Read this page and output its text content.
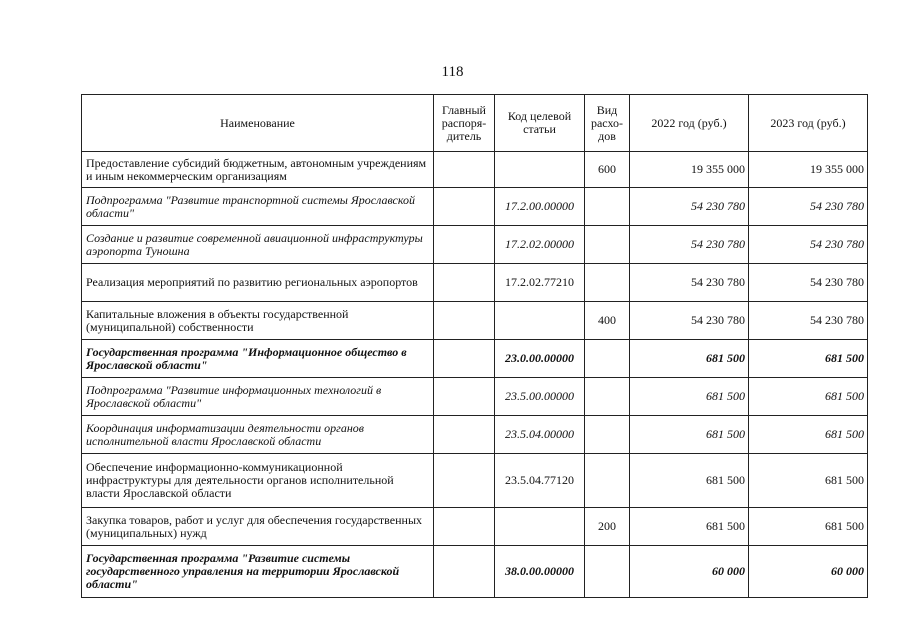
118
Наименование	Главный распоря-дитель	Код целевой статьи	Вид расхо-дов	2022 год (руб.)	2023 год (руб.)
Предоставление субсидий бюджетным, автономным учреждениям и иным некоммерческим организациям			600	19 355 000	19 355 000
Подпрограмма "Развитие транспортной системы Ярославской области"		17.2.00.00000		54 230 780	54 230 780
Создание и развитие современной авиационной инфраструктуры аэропорта Туношна		17.2.02.00000		54 230 780	54 230 780
Реализация мероприятий по развитию региональных аэропортов		17.2.02.77210		54 230 780	54 230 780
Капитальные вложения в объекты государственной (муниципальной) собственности			400	54 230 780	54 230 780
Государственная программа "Информационное общество в Ярославской области"		23.0.00.00000		681 500	681 500
Подпрограмма "Развитие информационных технологий в Ярославской области"		23.5.00.00000		681 500	681 500
Координация информатизации деятельности органов исполнительной власти Ярославской области		23.5.04.00000		681 500	681 500
Обеспечение информационно-коммуникационной инфраструктуры для деятельности органов исполнительной власти Ярославской области		23.5.04.77120		681 500	681 500
Закупка товаров, работ и услуг для обеспечения государственных (муниципальных) нужд			200	681 500	681 500
Государственная программа "Развитие системы государственного управления на территории Ярославской области"		38.0.00.00000		60 000	60 000
